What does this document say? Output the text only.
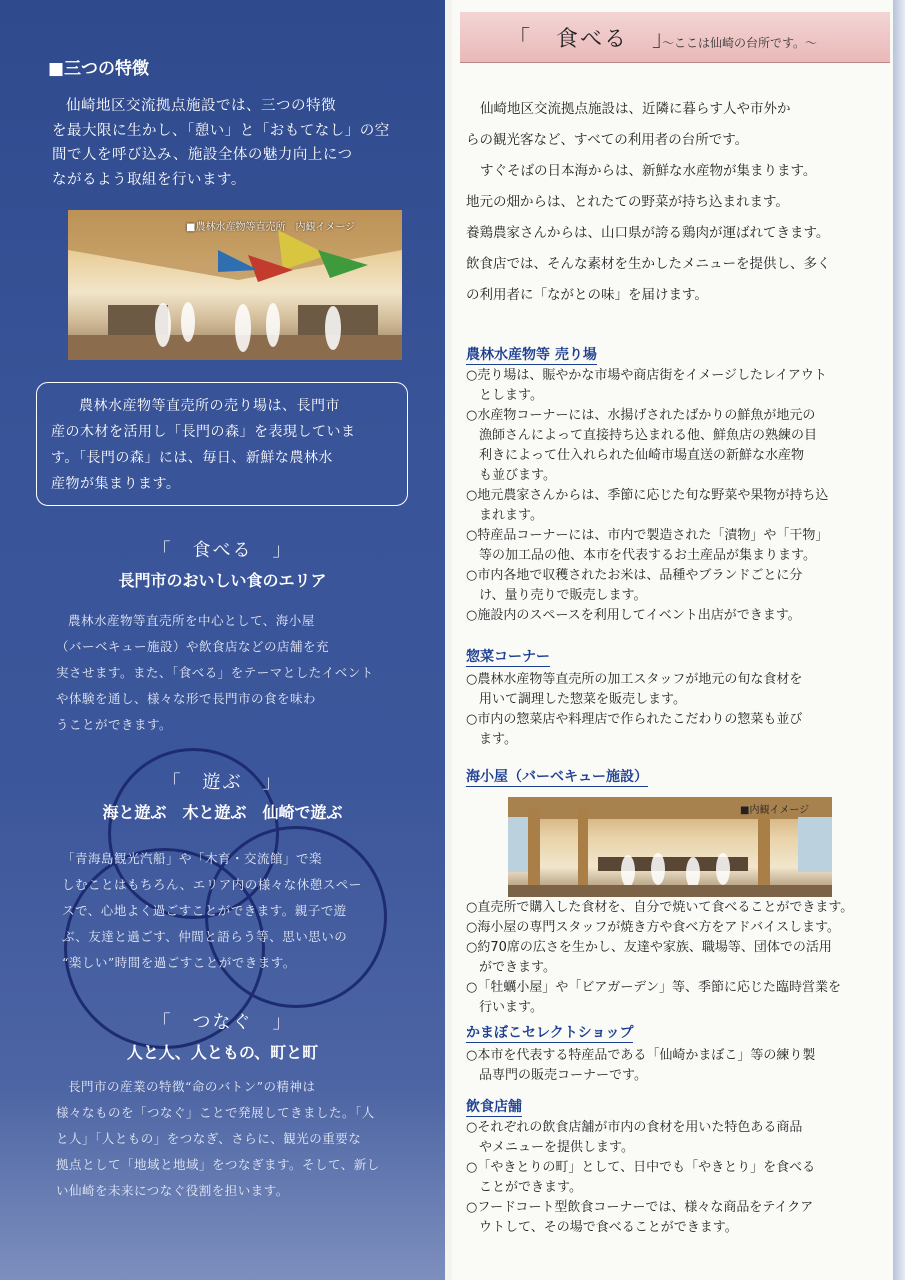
■三つの特徴
仙崎地区交流拠点施設では、三つの特徴
を最大限に生かし、「憩い」と「おもてなし」の空
間で人を呼び込み、施設全体の魅力向上につ
ながるよう取組を行います。
■農林水産物等直売所　内観イメージ
農林水産物等直売所の売り場は、長門市
産の木材を活用し「長門の森」を表現していま
す。「長門の森」には、毎日、新鮮な農林水
産物が集まります。
「　食べる　」
長門市のおいしい食のエリア
農林水産物等直売所を中心として、海小屋
（バーベキュー施設）や飲食店などの店舗を充
実させます。また、「食べる」をテーマとしたイベント
や体験を通し、様々な形で長門市の食を味わ
うことができます。
「　遊ぶ　」
海と遊ぶ　木と遊ぶ　仙崎で遊ぶ
「青海島観光汽船」や「木育・交流館」で楽
しむことはもちろん、エリア内の様々な休憩スペー
スで、心地よく過ごすことができます。親子で遊
ぶ、友達と過ごす、仲間と語らう等、思い思いの
“楽しい”時間を過ごすことができます。
「　つなぐ　」
人と人、人ともの、町と町
長門市の産業の特徴“命のバトン”の精神は
様々なものを「つなぐ」ことで発展してきました。「人
と人」「人ともの」をつなぎ、さらに、観光の重要な
拠点として「地域と地域」をつなぎます。そして、新し
い仙崎を未来につなぐ役割を担います。
「　食べる　」
～ここは仙崎の台所です。～
仙崎地区交流拠点施設は、近隣に暮らす人や市外か
らの観光客など、すべての利用者の台所です。
すぐそばの日本海からは、新鮮な水産物が集まります。
地元の畑からは、とれたての野菜が持ち込まれます。
養鶏農家さんからは、山口県が誇る鶏肉が運ばれてきます。
飲食店では、そんな素材を生かしたメニューを提供し、多く
の利用者に「ながとの味」を届けます。
農林水産物等 売り場
○売り場は、賑やかな市場や商店街をイメージしたレイアウト
　とします。
○水産物コーナーには、水揚げされたばかりの鮮魚が地元の
　漁師さんによって直接持ち込まれる他、鮮魚店の熟練の目
　利きによって仕入れられた仙崎市場直送の新鮮な水産物
　も並びます。
○地元農家さんからは、季節に応じた旬な野菜や果物が持ち込
　まれます。
○特産品コーナーには、市内で製造された「漬物」や「干物」
　等の加工品の他、本市を代表するお土産品が集まります。
○市内各地で収穫されたお米は、品種やブランドごとに分
　け、量り売りで販売します。
○施設内のスペースを利用してイベント出店ができます。
惣菜コーナー
○農林水産物等直売所の加工スタッフが地元の旬な食材を
　用いて調理した惣菜を販売します。
○市内の惣菜店や料理店で作られたこだわりの惣菜も並び
　ます。
海小屋（バーベキュー施設）
■内観イメージ
○直売所で購入した食材を、自分で焼いて食べることができます。
○海小屋の専門スタッフが焼き方や食べ方をアドバイスします。
○約70席の広さを生かし、友達や家族、職場等、団体での活用
　ができます。
○「牡蠣小屋」や「ビアガーデン」等、季節に応じた臨時営業を
　行います。
かまぼこセレクトショップ
○本市を代表する特産品である「仙崎かまぼこ」等の練り製
　品専門の販売コーナーです。
飲食店舗
○それぞれの飲食店舗が市内の食材を用いた特色ある商品
　やメニューを提供します。
○「やきとりの町」として、日中でも「やきとり」を食べる
　ことができます。
○フードコート型飲食コーナーでは、様々な商品をテイクア
　ウトして、その場で食べることができます。
